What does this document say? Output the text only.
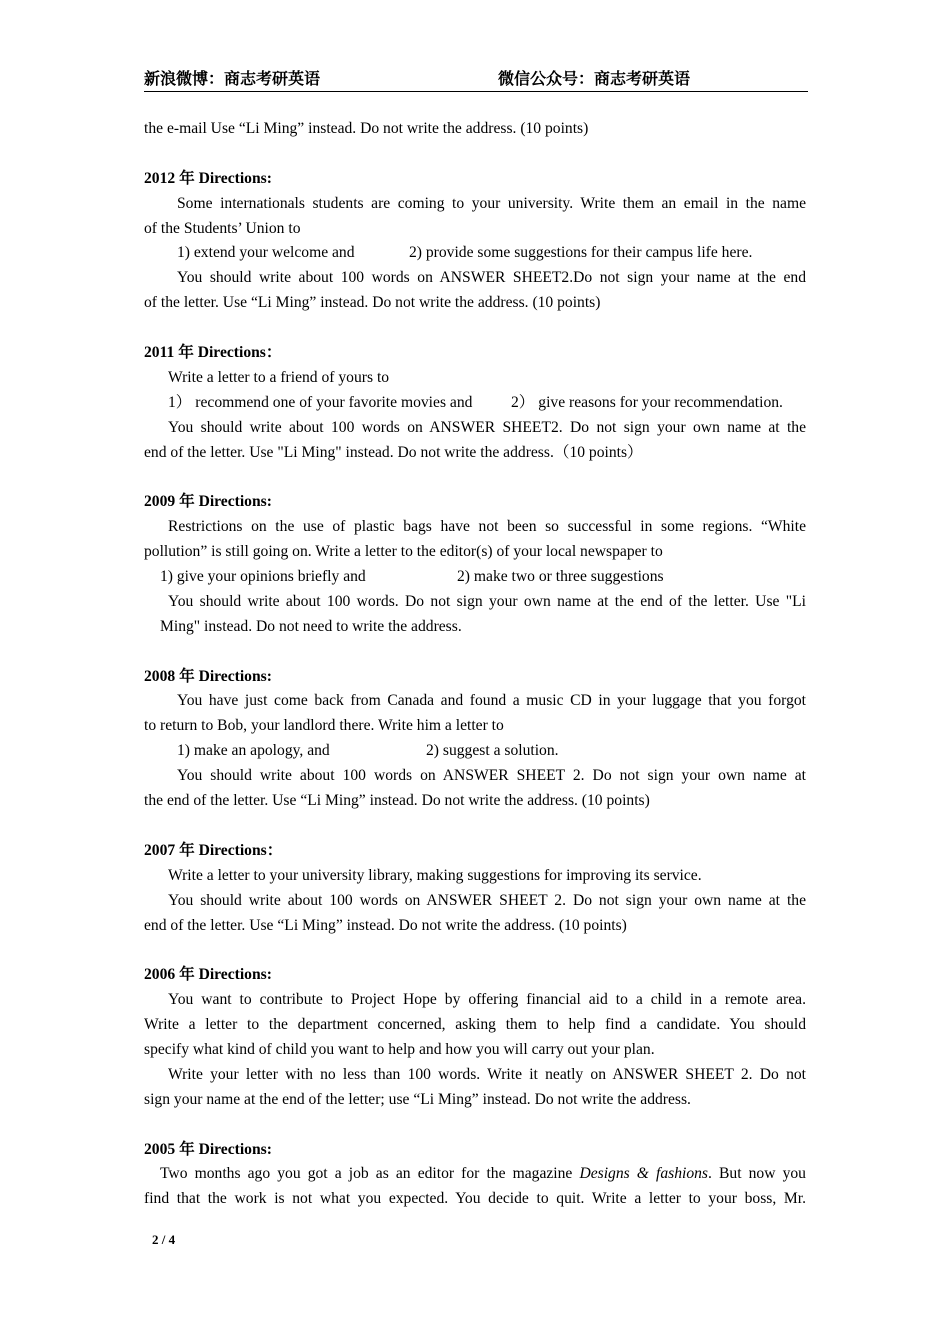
新浪微博：商志考研英语	微信公众号：商志考研英语
the e-mail Use “Li Ming” instead. Do not write the address. (10 points)
2012 年 Directions:
Some internationals students are coming to your university. Write them an email in the name
of the Students’ Union to
1) extend your welcome and	2) provide some suggestions for their campus life here.
You should write about 100 words on ANSWER SHEET2.Do not sign your name at the end
of the letter. Use “Li Ming” instead. Do not write the address. (10 points)
2011 年 Directions：
Write a letter to a friend of yours to
1） recommend one of your favorite movies and 2） give reasons for your recommendation.
You should write about 100 words on ANSWER SHEET2. Do not sign your own name at the
end of the letter. Use "Li Ming" instead. Do not write the address.（10 points）
2009 年 Directions:
Restrictions on the use of plastic bags have not been so successful in some regions. “White
pollution” is still going on. Write a letter to the editor(s) of your local newspaper to
1) give your opinions briefly and	2) make two or three suggestions
You should write about 100 words. Do not sign your own name at the end of the letter. Use "Li
Ming" instead. Do not need to write the address.
2008 年 Directions:
You have just come back from Canada and found a music CD in your luggage that you forgot
to return to Bob, your landlord there. Write him a letter to
1) make an apology, and	2) suggest a solution.
You should write about 100 words on ANSWER SHEET 2. Do not sign your own name at
the end of the letter. Use “Li Ming” instead. Do not write the address. (10 points)
2007 年 Directions：
Write a letter to your university library, making suggestions for improving its service.
You should write about 100 words on ANSWER SHEET 2. Do not sign your own name at the
end of the letter. Use “Li Ming” instead. Do not write the address. (10 points)
2006 年 Directions:
You want to contribute to Project Hope by offering financial aid to a child in a remote area.
Write a letter to the department concerned, asking them to help find a candidate. You should
specify what kind of child you want to help and how you will carry out your plan.
Write your letter with no less than 100 words. Write it neatly on ANSWER SHEET 2. Do not
sign your name at the end of the letter; use “Li Ming” instead. Do not write the address.
2005 年 Directions:
Two months ago you got a job as an editor for the magazine Designs & fashions. But now you
find that the work is not what you expected. You decide to quit. Write a letter to your boss, Mr.
2 / 4
